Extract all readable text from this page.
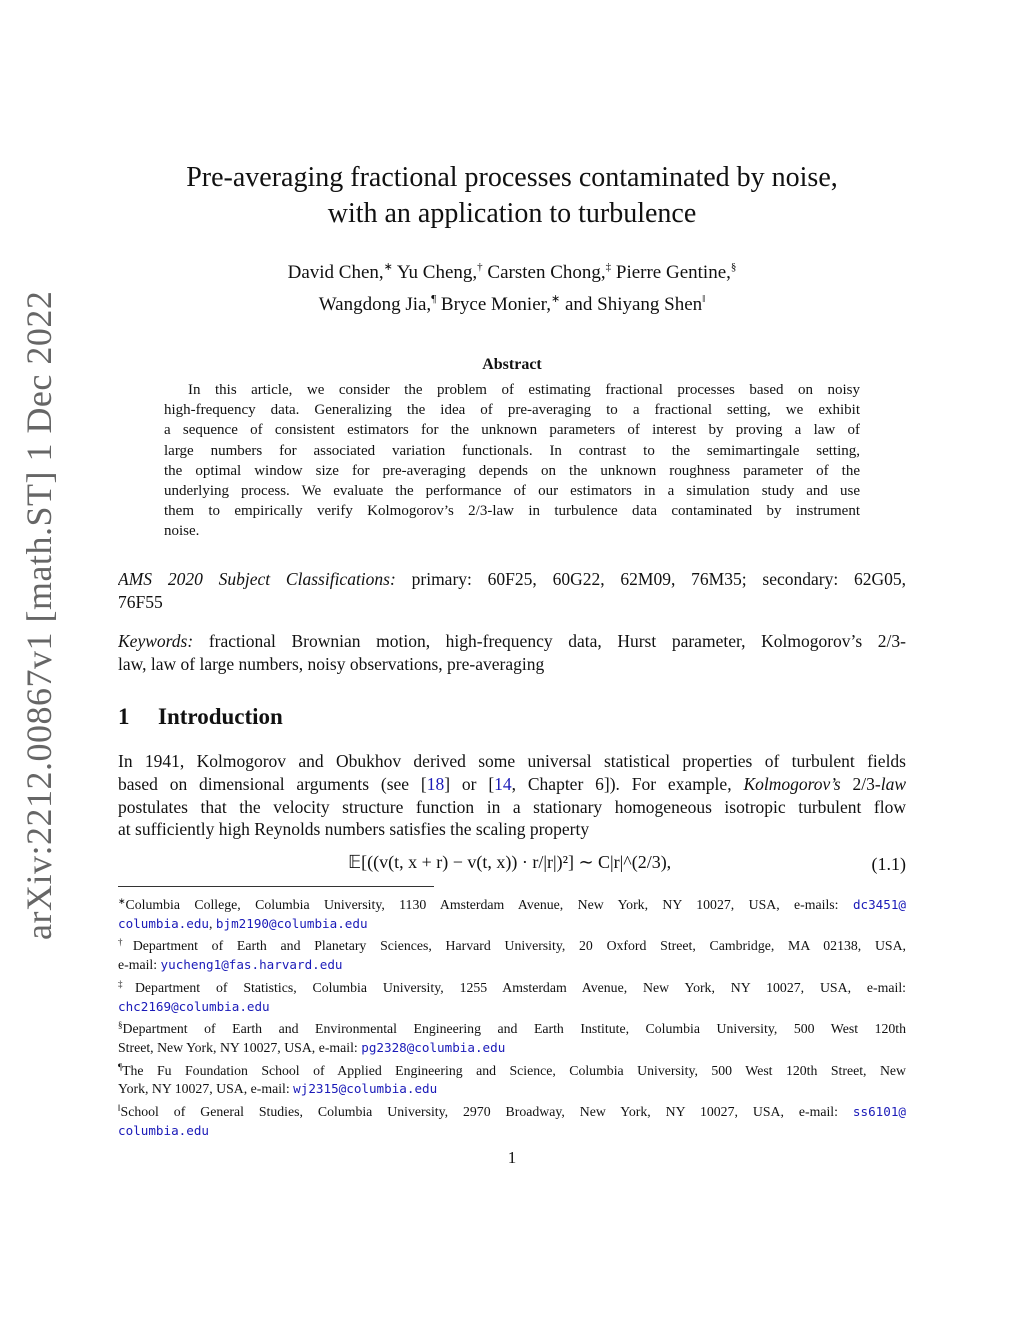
arXiv:2212.00867v1 [math.ST] 1 Dec 2022
Pre-averaging fractional processes contaminated by noise,
with an application to turbulence
David Chen,∗ Yu Cheng,† Carsten Chong,‡ Pierre Gentine,§
Wangdong Jia,¶ Bryce Monier,∗ and Shiyang Shen‖
Abstract
In this article, we consider the problem of estimating fractional processes based on noisy
high-frequency data. Generalizing the idea of pre-averaging to a fractional setting, we exhibit
a sequence of consistent estimators for the unknown parameters of interest by proving a law of
large numbers for associated variation functionals. In contrast to the semimartingale setting,
the optimal window size for pre-averaging depends on the unknown roughness parameter of the
underlying process. We evaluate the performance of our estimators in a simulation study and use
them to empirically verify Kolmogorov’s 2/3-law in turbulence data contaminated by instrument
noise.
AMS 2020 Subject Classifications: primary: 60F25, 60G22, 62M09, 76M35; secondary: 62G05,
76F55
Keywords: fractional Brownian motion, high-frequency data, Hurst parameter, Kolmogorov’s 2/3-
law, law of large numbers, noisy observations, pre-averaging
1 Introduction
In 1941, Kolmogorov and Obukhov derived some universal statistical properties of turbulent fields
based on dimensional arguments (see [18] or [14, Chapter 6]). For example, Kolmogorov’s 2/3-law
postulates that the velocity structure function in a stationary homogeneous isotropic turbulent flow
at sufficiently high Reynolds numbers satisfies the scaling property
𝔼[((v(t, x + r) − v(t, x)) · r/|r|)²] ∼ C|r|^(2/3),	(1.1)
∗Columbia College, Columbia University, 1130 Amsterdam Avenue, New York, NY 10027, USA, e-mails: dc3451@
columbia.edu, bjm2190@columbia.edu
†Department of Earth and Planetary Sciences, Harvard University, 20 Oxford Street, Cambridge, MA 02138, USA,
e-mail: yucheng1@fas.harvard.edu
‡Department of Statistics, Columbia University, 1255 Amsterdam Avenue, New York, NY 10027, USA, e-mail:
chc2169@columbia.edu
§Department of Earth and Environmental Engineering and Earth Institute, Columbia University, 500 West 120th
Street, New York, NY 10027, USA, e-mail: pg2328@columbia.edu
¶The Fu Foundation School of Applied Engineering and Science, Columbia University, 500 West 120th Street, New
York, NY 10027, USA, e-mail: wj2315@columbia.edu
‖School of General Studies, Columbia University, 2970 Broadway, New York, NY 10027, USA, e-mail: ss6101@
columbia.edu
1
